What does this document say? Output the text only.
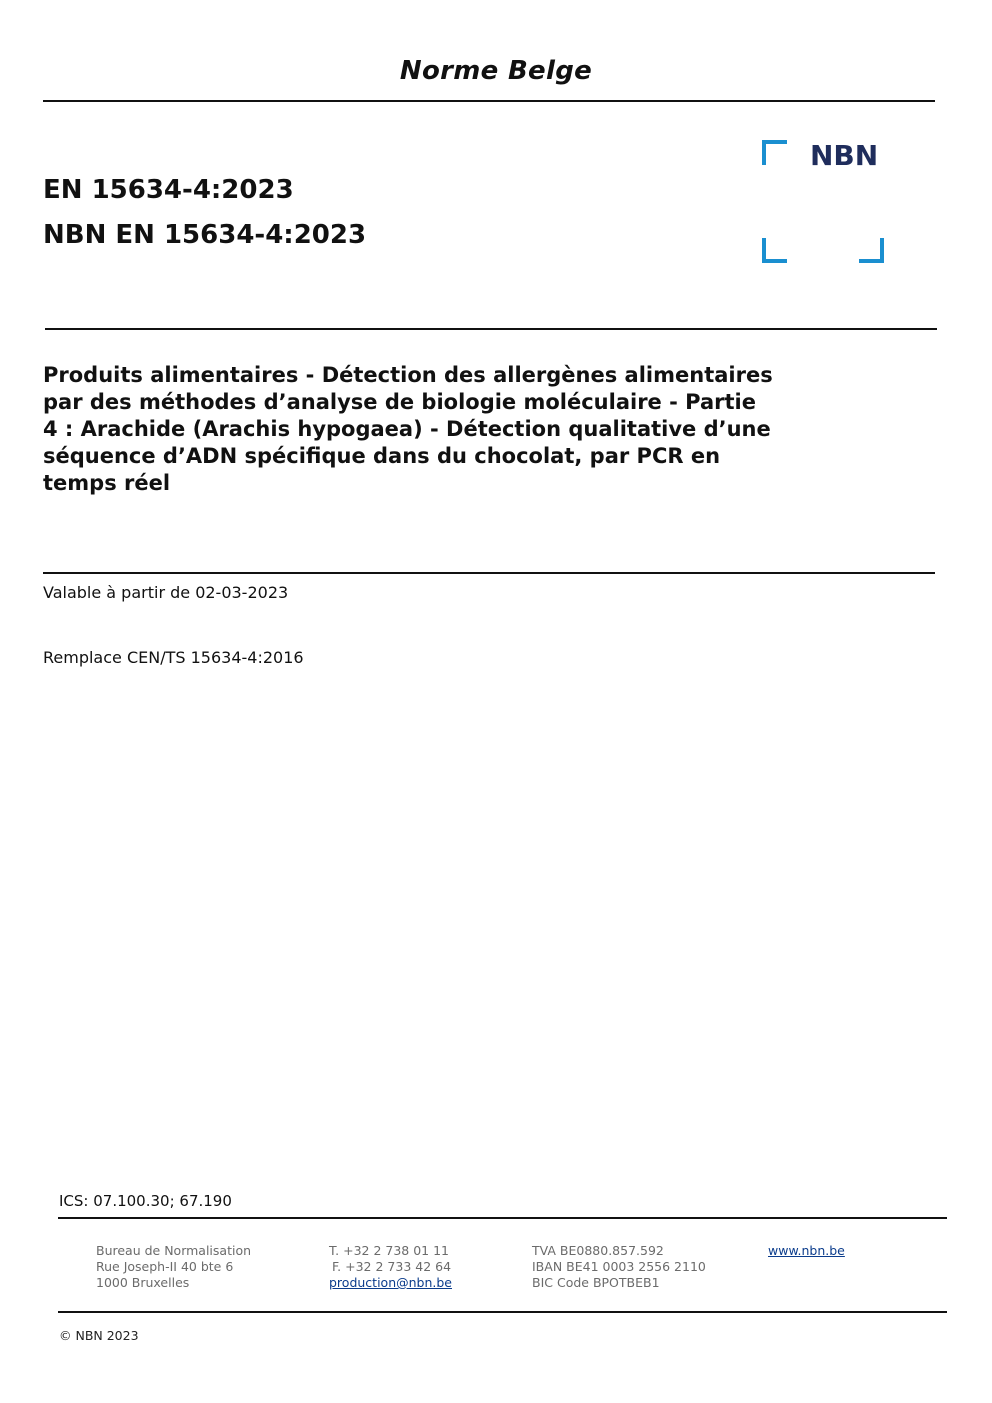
Norme Belge
EN 15634-4:2023
NBN EN 15634-4:2023
NBN
Produits alimentaires - Détection des allergènes alimentaires
par des méthodes d’analyse de biologie moléculaire - Partie
4 : Arachide (Arachis hypogaea) - Détection qualitative d’une
séquence d’ADN spécifique dans du chocolat, par PCR en
temps réel
Valable à partir de 02-03-2023
Remplace CEN/TS 15634-4:2016
ICS: 07.100.30; 67.190
Bureau de Normalisation
Rue Joseph-II 40 bte 6
1000 Bruxelles
T. +32 2 738 01 11
F. +32 2 733 42 64
production@nbn.be
TVA BE0880.857.592
IBAN BE41 0003 2556 2110
BIC Code BPOTBEB1
www.nbn.be
© NBN 2023
